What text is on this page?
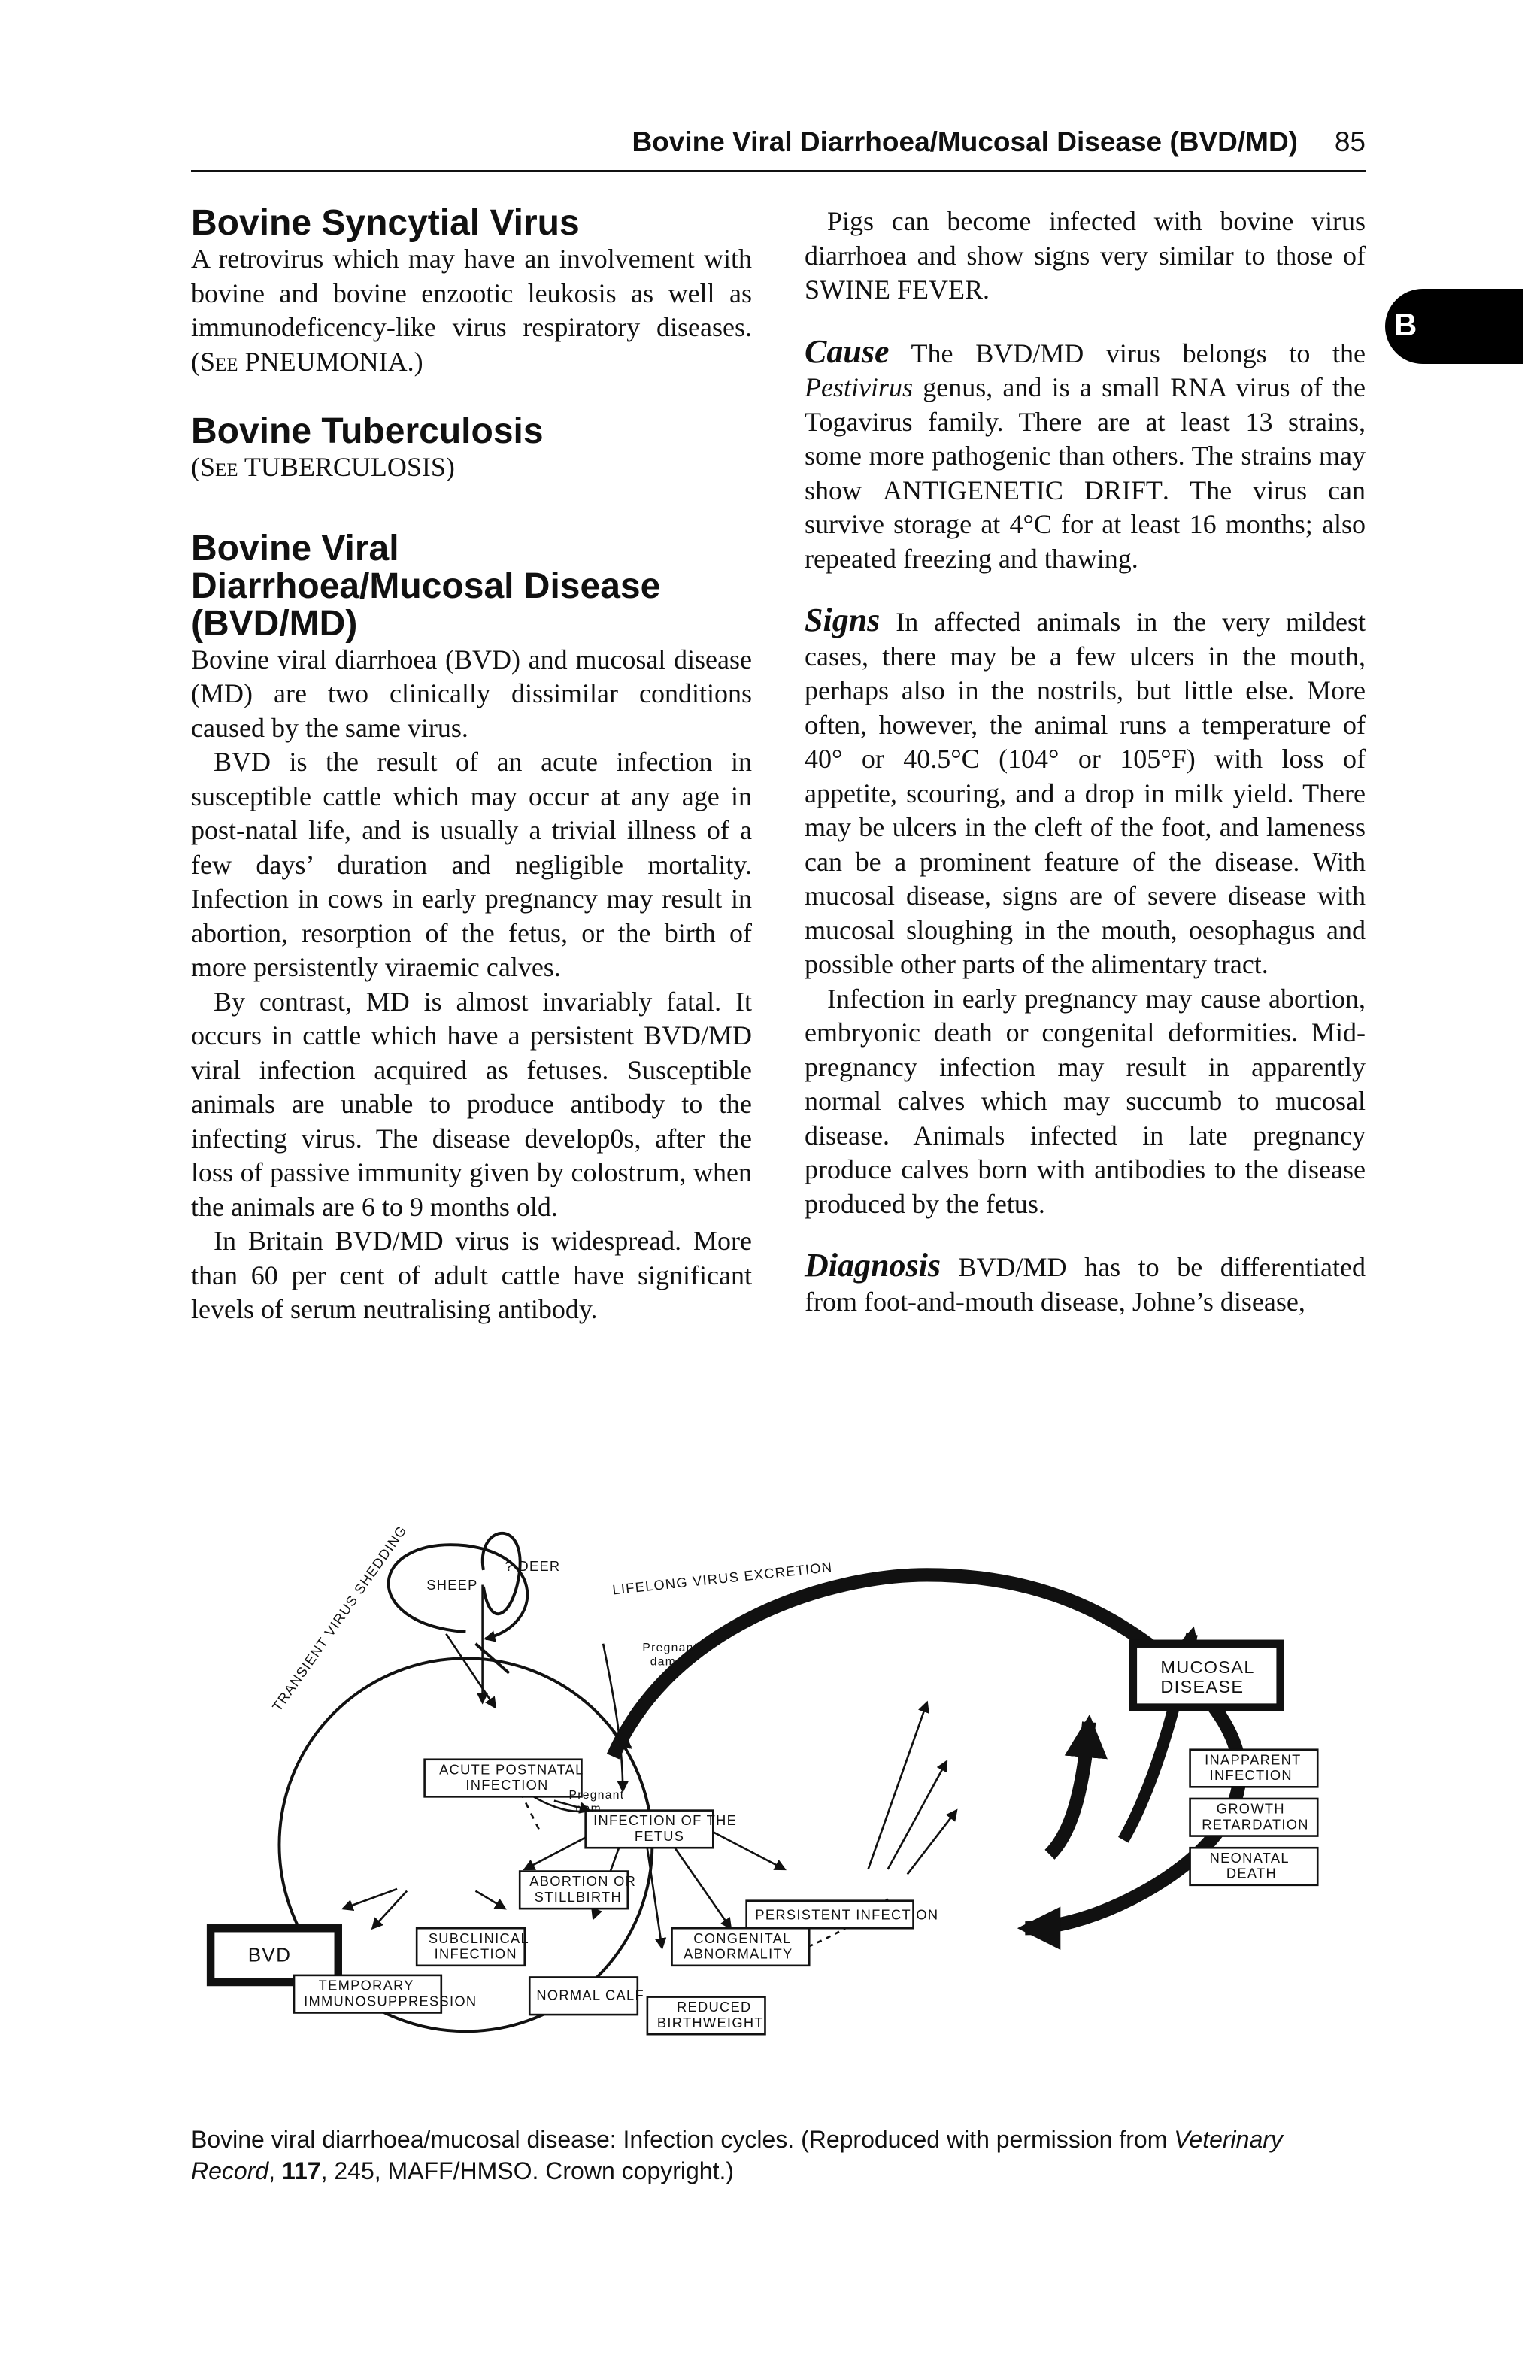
Bovine Viral Diarrhoea/Mucosal Disease (BVD/MD) 85
B
Bovine Syncytial Virus

A retrovirus which may have an involvement with bovine and bovine enzootic leukosis as well as immunodeficency-like virus respiratory diseases. (See PNEUMONIA.)

Bovine Tuberculosis

(See TUBERCULOSIS)

Bovine Viral
Diarrhoea/Mucosal Disease
(BVD/MD)

Bovine viral diarrhoea (BVD) and mucosal disease (MD) are two clinically dissimilar conditions caused by the same virus.

BVD is the result of an acute infection in susceptible cattle which may occur at any age in post-natal life, and is usually a trivial illness of a few days’ duration and negligible mortality. Infection in cows in early pregnancy may result in abortion, resorption of the fetus, or the birth of more persistently viraemic calves.

By contrast, MD is almost invariably fatal. It occurs in cattle which have a persistent BVD/MD viral infection acquired as fetuses. Susceptible animals are unable to produce antibody to the infecting virus. The disease develop0s, after the loss of passive immunity given by colostrum, when the animals are 6 to 9 months old.

In Britain BVD/MD virus is widespread. More than 60 per cent of adult cattle have significant levels of serum neutralising antibody.

Pigs can become infected with bovine virus diarrhoea and show signs very similar to those of SWINE FEVER.

Cause The BVD/MD virus belongs to the Pestivirus genus, and is a small RNA virus of the Togavirus family. There are at least 13 strains, some more pathogenic than others. The strains may show ANTIGENETIC DRIFT. The virus can survive storage at 4°C for at least 16 months; also repeated freezing and thawing.

Signs In affected animals in the very mildest cases, there may be a few ulcers in the mouth, perhaps also in the nostrils, but little else. More often, however, the animal runs a temperature of 40° or 40.5°C (104° or 105°F) with loss of appetite, scouring, and a drop in milk yield. There may be ulcers in the cleft of the foot, and lameness can be a prominent feature of the disease. With mucosal disease, signs are of severe disease with mucosal sloughing in the mouth, oesophagus and possible other parts of the alimentary tract.

Infection in early pregnancy may cause abortion, embryonic death or congenital deformities. Mid-pregnancy infection may result in apparently normal calves which may succumb to mucosal disease. Animals infected in late pregnancy produce calves born with antibodies to the disease produced by the fetus.

Diagnosis BVD/MD has to be differentiated from foot-and-mouth disease, Johne’s disease,

? DEER
SHEEP	LIFELONG VIRUS EXCRETION
MUCOSAL
DISEASE
Pregnant
dam
TRANSIENT VIRUS SHEDDING
ACUTE POSTNATAL
INFECTION
Pregnant
dam
INAPPARENT
INFECTION
GROWTH
RETARDATION
INFECTION OF THE
FETUS
NEONATAL
DEATH
ABORTION OR
STILLBIRTH
PERSISTENT INFECTION
BVD
SUBCLINICAL
INFECTION
CONGENITAL
ABNORMALITY
TEMPORARY
IMMUNOSUPPRESSION	NORMAL CALF
REDUCED
BIRTHWEIGHT
Bovine viral diarrhoea/mucosal disease: Infection cycles. (Reproduced with permission from Veterinary Record, 117, 245, MAFF/HMSO. Crown copyright.)
